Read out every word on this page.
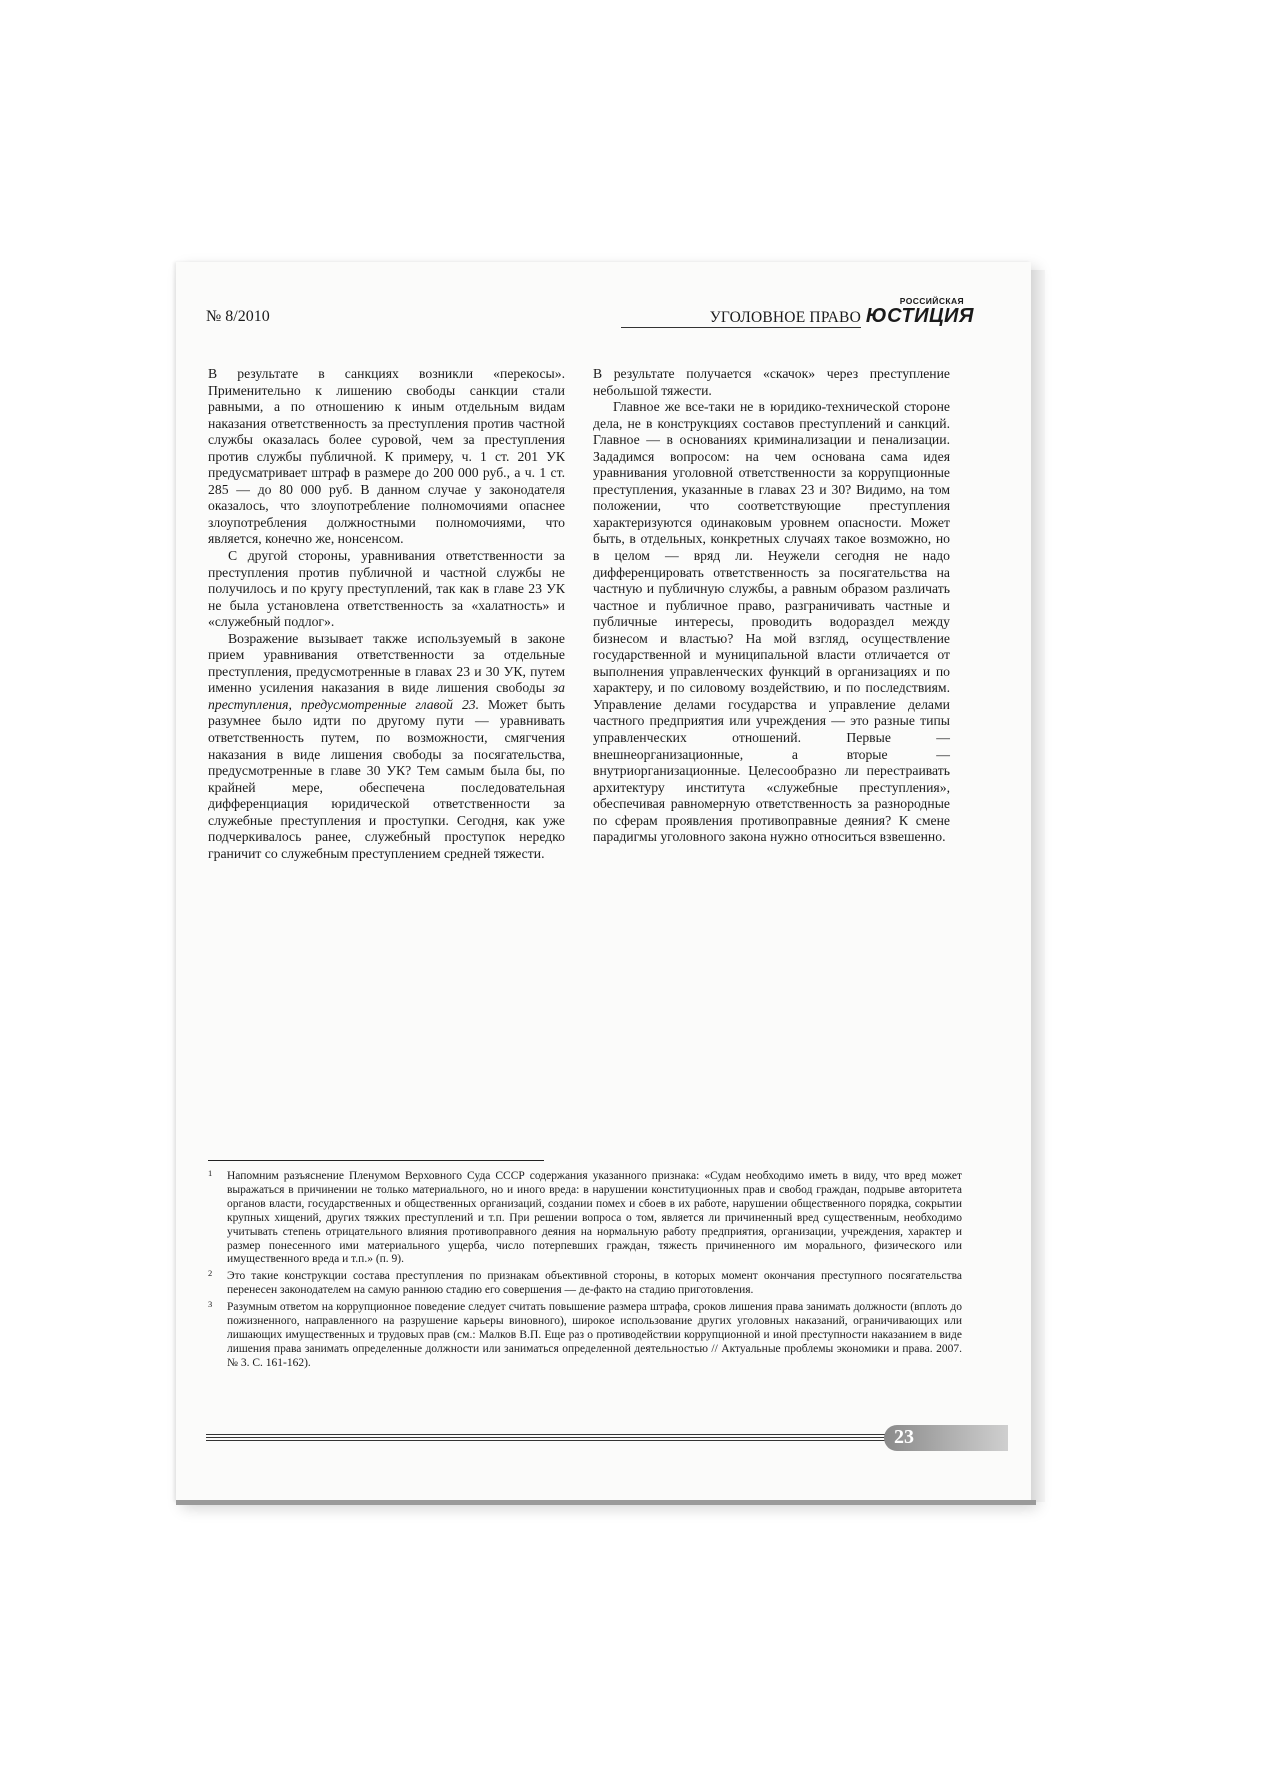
№ 8/2010	УГОЛОВНОЕ ПРАВО
РОССИЙСКАЯ
ЮСТИЦИЯ

В результате в санкциях возникли «перекосы». Применительно к лишению свободы санкции стали равными, а по отношению к иным отдельным видам наказания ответственность за преступления против частной службы оказалась более суровой, чем за преступления против службы публичной. К примеру, ч. 1 ст. 201 УК предусматривает штраф в размере до 200 000 руб., а ч. 1 ст. 285 — до 80 000 руб. В данном случае у законодателя оказалось, что злоупотребление полномочиями опаснее злоупотребления должностными полномочиями, что является, конечно же, нонсенсом.

С другой стороны, уравнивания ответственности за преступления против публичной и частной службы не получилось и по кругу преступлений, так как в главе 23 УК не была установлена ответственность за «халатность» и «служебный подлог».

Возражение вызывает также используемый в законе прием уравнивания ответственности за отдельные преступления, предусмотренные в главах 23 и 30 УК, путем именно усиления наказания в виде лишения свободы за преступления, предусмотренные главой 23. Может быть разумнее было идти по другому пути — уравнивать ответственность путем, по возможности, смягчения наказания в виде лишения свободы за посягательства, предусмотренные в главе 30 УК? Тем самым была бы, по крайней мере, обеспечена последовательная дифференциация юридической ответственности за служебные преступления и проступки. Сегодня, как уже подчеркивалось ранее, служебный проступок нередко граничит со служебным преступлением средней тяжести.

В результате получается «скачок» через преступление небольшой тяжести.

Главное же все-таки не в юридико-технической стороне дела, не в конструкциях составов преступлений и санкций. Главное — в основаниях криминализации и пенализации. Зададимся вопросом: на чем основана сама идея уравнивания уголовной ответственности за коррупционные преступления, указанные в главах 23 и 30? Видимо, на том положении, что соответствующие преступления характеризуются одинаковым уровнем опасности. Может быть, в отдельных, конкретных случаях такое возможно, но в целом — вряд ли. Неужели сегодня не надо дифференцировать ответственность за посягательства на частную и публичную службы, а равным образом различать частное и публичное право, разграничивать частные и публичные интересы, проводить водораздел между бизнесом и властью? На мой взгляд, осуществление государственной и муниципальной власти отличается от выполнения управленческих функций в организациях и по характеру, и по силовому воздействию, и по последствиям. Управление делами государства и управление делами частного предприятия или учреждения — это разные типы управленческих отношений. Первые — внешнеорганизационные, а вторые — внутриорганизационные. Целесообразно ли перестраивать архитектуру института «служебные преступления», обеспечивая равномерную ответственность за разнородные по сферам проявления противоправные деяния? К смене парадигмы уголовного закона нужно относиться взвешенно.

1 Напомним разъяснение Пленумом Верховного Суда СССР содержания указанного признака: «Судам необходимо иметь в виду, что вред может выражаться в причинении не только материального, но и иного вреда: в нарушении конституционных прав и свобод граждан, подрыве авторитета органов власти, государственных и общественных организаций, создании помех и сбоев в их работе, нарушении общественного порядка, сокрытии крупных хищений, других тяжких преступлений и т.п. При решении вопроса о том, является ли причиненный вред существенным, необходимо учитывать степень отрицательного влияния противоправного деяния на нормальную работу предприятия, организации, учреждения, характер и размер понесенного ими материального ущерба, число потерпевших граждан, тяжесть причиненного им морального, физического или имущественного вреда и т.п.» (п. 9).
2 Это такие конструкции состава преступления по признакам объективной стороны, в которых момент окончания преступного посягательства перенесен законодателем на самую раннюю стадию его совершения — де-факто на стадию приготовления.
3 Разумным ответом на коррупционное поведение следует считать повышение размера штрафа, сроков лишения права занимать должности (вплоть до пожизненного, направленного на разрушение карьеры виновного), широкое использование других уголовных наказаний, ограничивающих или лишающих имущественных и трудовых прав (см.: Малков В.П. Еще раз о противодействии коррупционной и иной преступности наказанием в виде лишения права занимать определенные должности или заниматься определенной деятельностью // Актуальные проблемы экономики и права. 2007. № 3. С. 161-162).
23
